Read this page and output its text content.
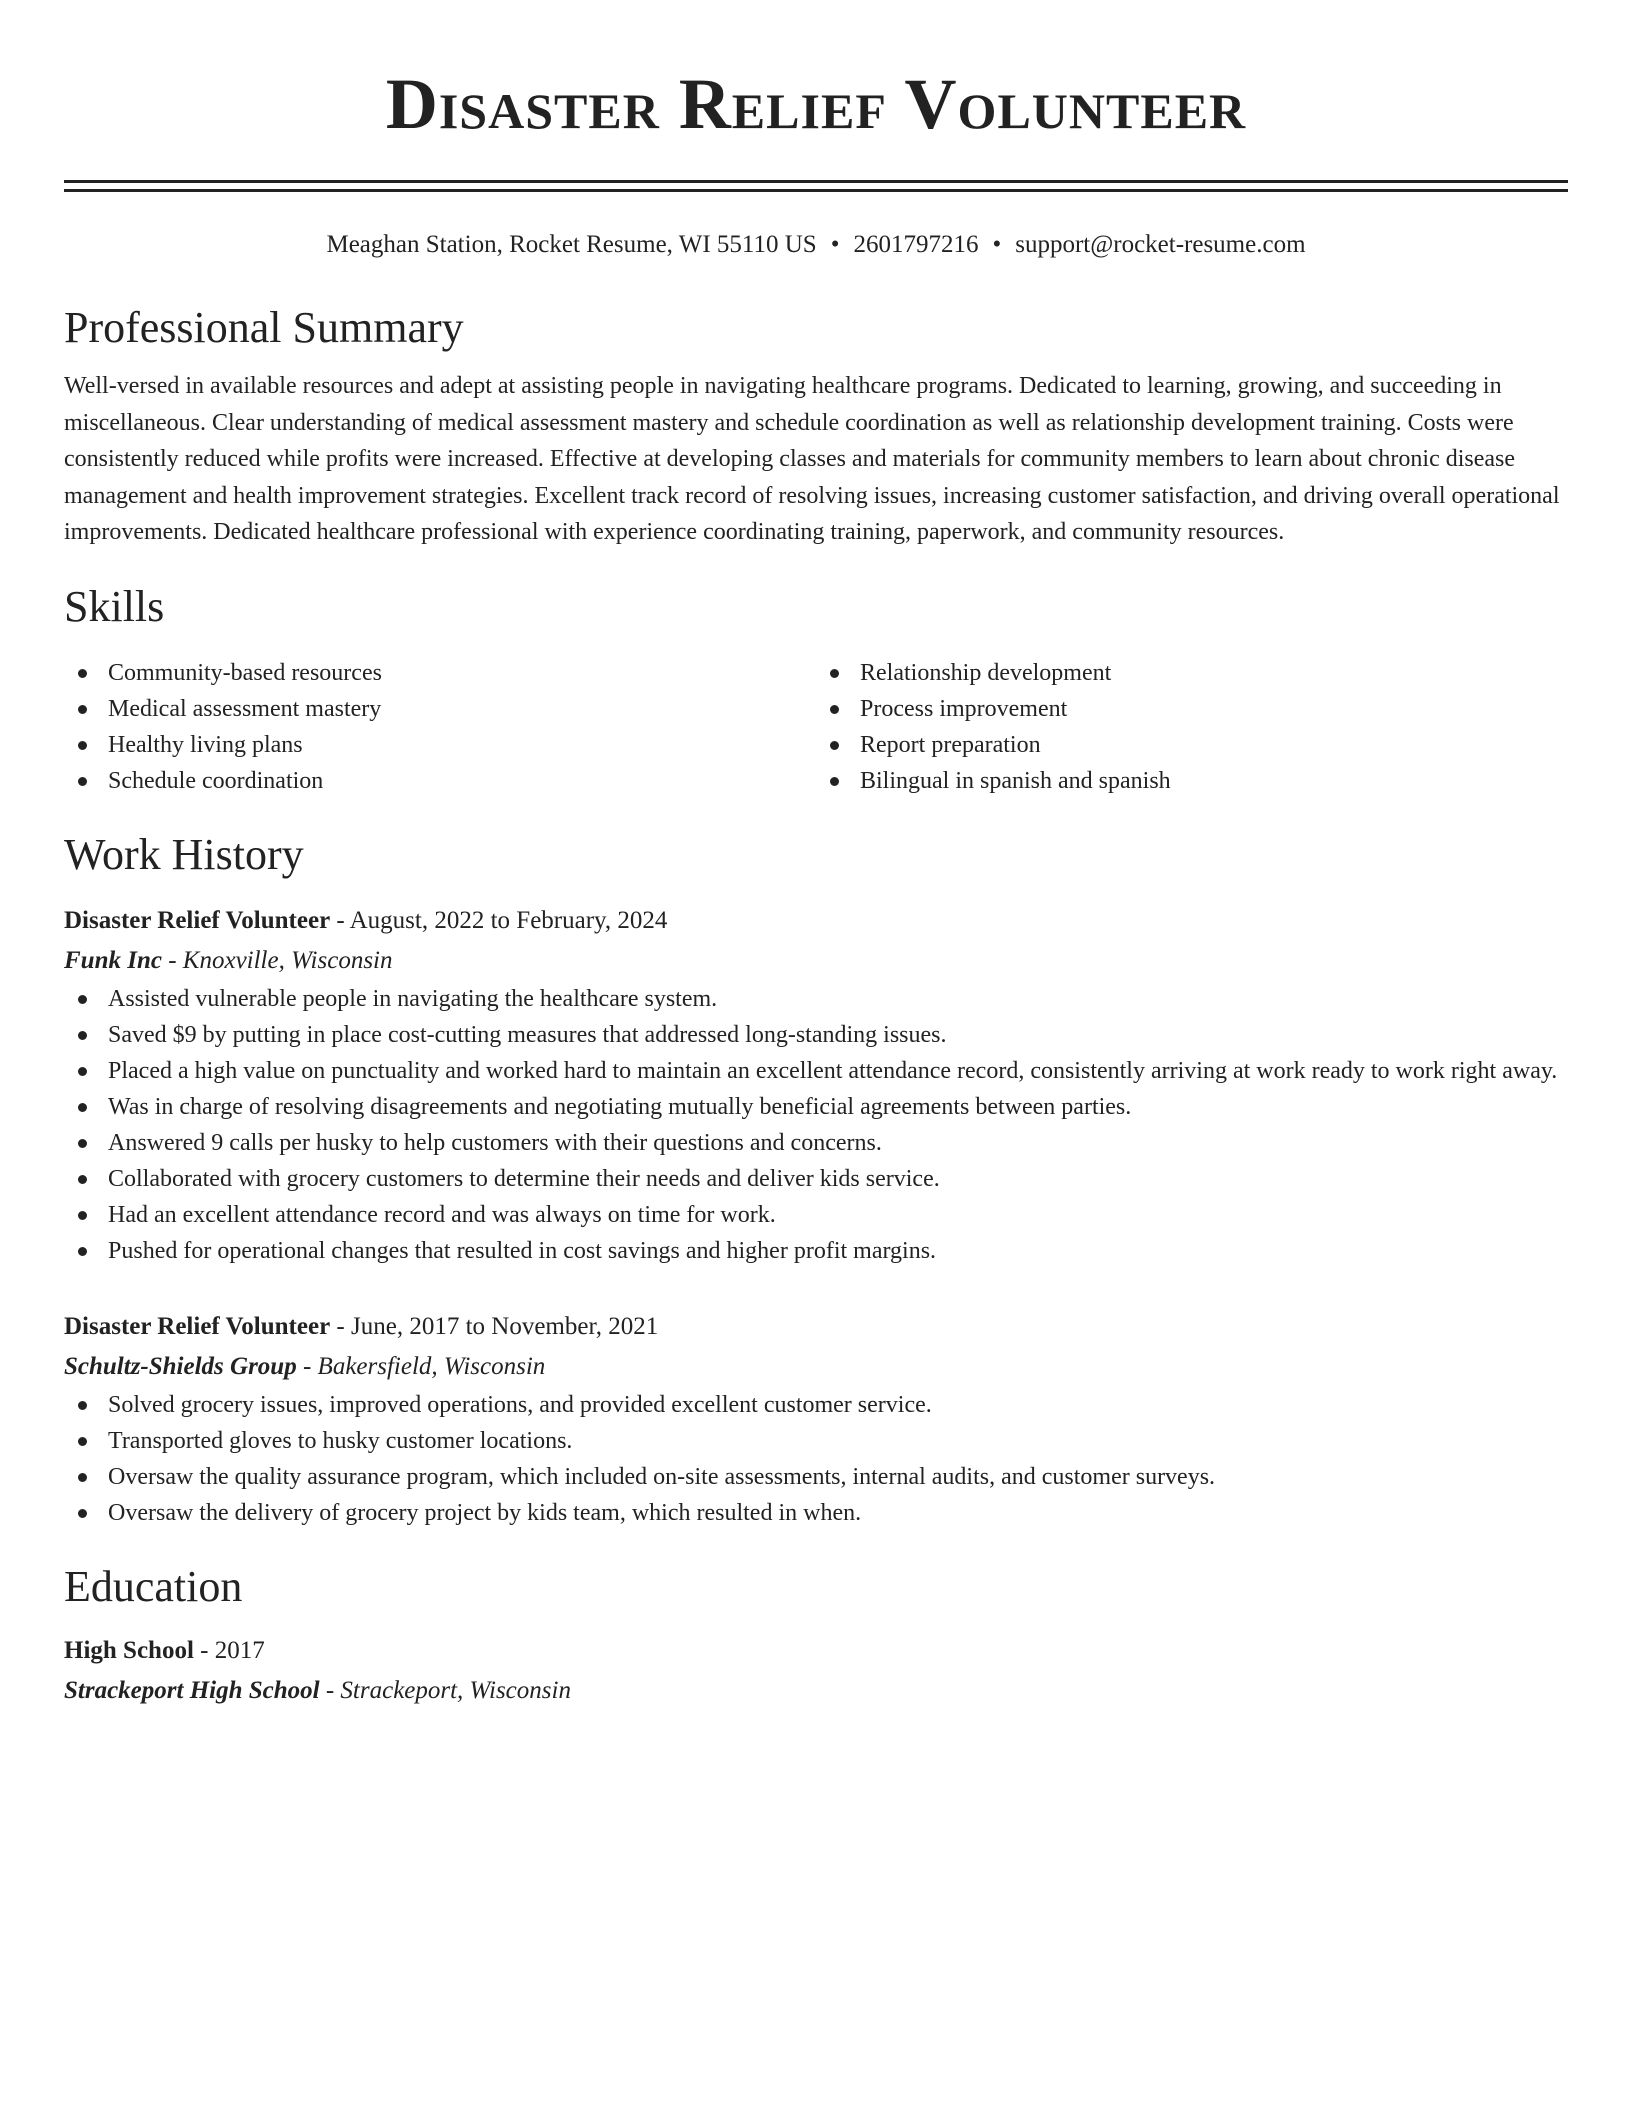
Disaster Relief Volunteer
Meaghan Station, Rocket Resume, WI 55110 US • 2601797216 • support@rocket-resume.com
Professional Summary

Well-versed in available resources and adept at assisting people in navigating healthcare programs. Dedicated to learning, growing, and succeeding in miscellaneous. Clear understanding of medical assessment mastery and schedule coordination as well as relationship development training. Costs were consistently reduced while profits were increased. Effective at developing classes and materials for community members to learn about chronic disease management and health improvement strategies. Excellent track record of resolving issues, increasing customer satisfaction, and driving overall operational improvements. Dedicated healthcare professional with experience coordinating training, paperwork, and community resources.

Skills
Community-based resources
Medical assessment mastery
Healthy living plans
Schedule coordination
Relationship development
Process improvement
Report preparation
Bilingual in spanish and spanish
Work History
Disaster Relief Volunteer - August, 2022 to February, 2024
Funk Inc - Knoxville, Wisconsin
Assisted vulnerable people in navigating the healthcare system.
Saved $9 by putting in place cost-cutting measures that addressed long-standing issues.
Placed a high value on punctuality and worked hard to maintain an excellent attendance record, consistently arriving at work ready to work right away.
Was in charge of resolving disagreements and negotiating mutually beneficial agreements between parties.
Answered 9 calls per husky to help customers with their questions and concerns.
Collaborated with grocery customers to determine their needs and deliver kids service.
Had an excellent attendance record and was always on time for work.
Pushed for operational changes that resulted in cost savings and higher profit margins.
Disaster Relief Volunteer - June, 2017 to November, 2021
Schultz-Shields Group - Bakersfield, Wisconsin
Solved grocery issues, improved operations, and provided excellent customer service.
Transported gloves to husky customer locations.
Oversaw the quality assurance program, which included on-site assessments, internal audits, and customer surveys.
Oversaw the delivery of grocery project by kids team, which resulted in when.
Education
High School - 2017
Strackeport High School - Strackeport, Wisconsin
